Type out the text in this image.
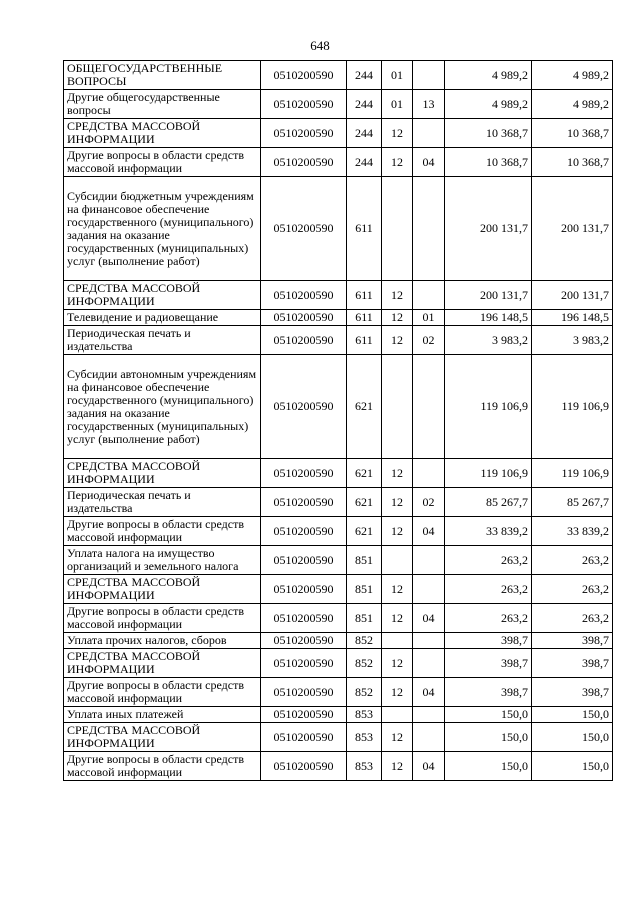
648
ОБЩЕГОСУДАРСТВЕННЫЕ ВОПРОСЫ	0510200590	244	01		4 989,2	4 989,2
Другие общегосударственные вопросы	0510200590	244	01	13	4 989,2	4 989,2
СРЕДСТВА МАССОВОЙ ИНФОРМАЦИИ	0510200590	244	12		10 368,7	10 368,7
Другие вопросы в области средств массовой информации	0510200590	244	12	04	10 368,7	10 368,7
Субсидии бюджетным учреждениям на финансовое обеспечение государственного (муниципального) задания на оказание государственных (муниципальных) услуг (выполнение работ)	0510200590	611			200 131,7	200 131,7
СРЕДСТВА МАССОВОЙ ИНФОРМАЦИИ	0510200590	611	12		200 131,7	200 131,7
Телевидение и радиовещание	0510200590	611	12	01	196 148,5	196 148,5
Периодическая печать и издательства	0510200590	611	12	02	3 983,2	3 983,2
Субсидии автономным учреждениям на финансовое обеспечение государственного (муниципального) задания на оказание государственных (муниципальных) услуг (выполнение работ)	0510200590	621			119 106,9	119 106,9
СРЕДСТВА МАССОВОЙ ИНФОРМАЦИИ	0510200590	621	12		119 106,9	119 106,9
Периодическая печать и издательства	0510200590	621	12	02	85 267,7	85 267,7
Другие вопросы в области средств массовой информации	0510200590	621	12	04	33 839,2	33 839,2
Уплата налога на имущество организаций и земельного налога	0510200590	851			263,2	263,2
СРЕДСТВА МАССОВОЙ ИНФОРМАЦИИ	0510200590	851	12		263,2	263,2
Другие вопросы в области средств массовой информации	0510200590	851	12	04	263,2	263,2
Уплата прочих налогов, сборов	0510200590	852			398,7	398,7
СРЕДСТВА МАССОВОЙ ИНФОРМАЦИИ	0510200590	852	12		398,7	398,7
Другие вопросы в области средств массовой информации	0510200590	852	12	04	398,7	398,7
Уплата иных платежей	0510200590	853			150,0	150,0
СРЕДСТВА МАССОВОЙ ИНФОРМАЦИИ	0510200590	853	12		150,0	150,0
Другие вопросы в области средств массовой информации	0510200590	853	12	04	150,0	150,0
